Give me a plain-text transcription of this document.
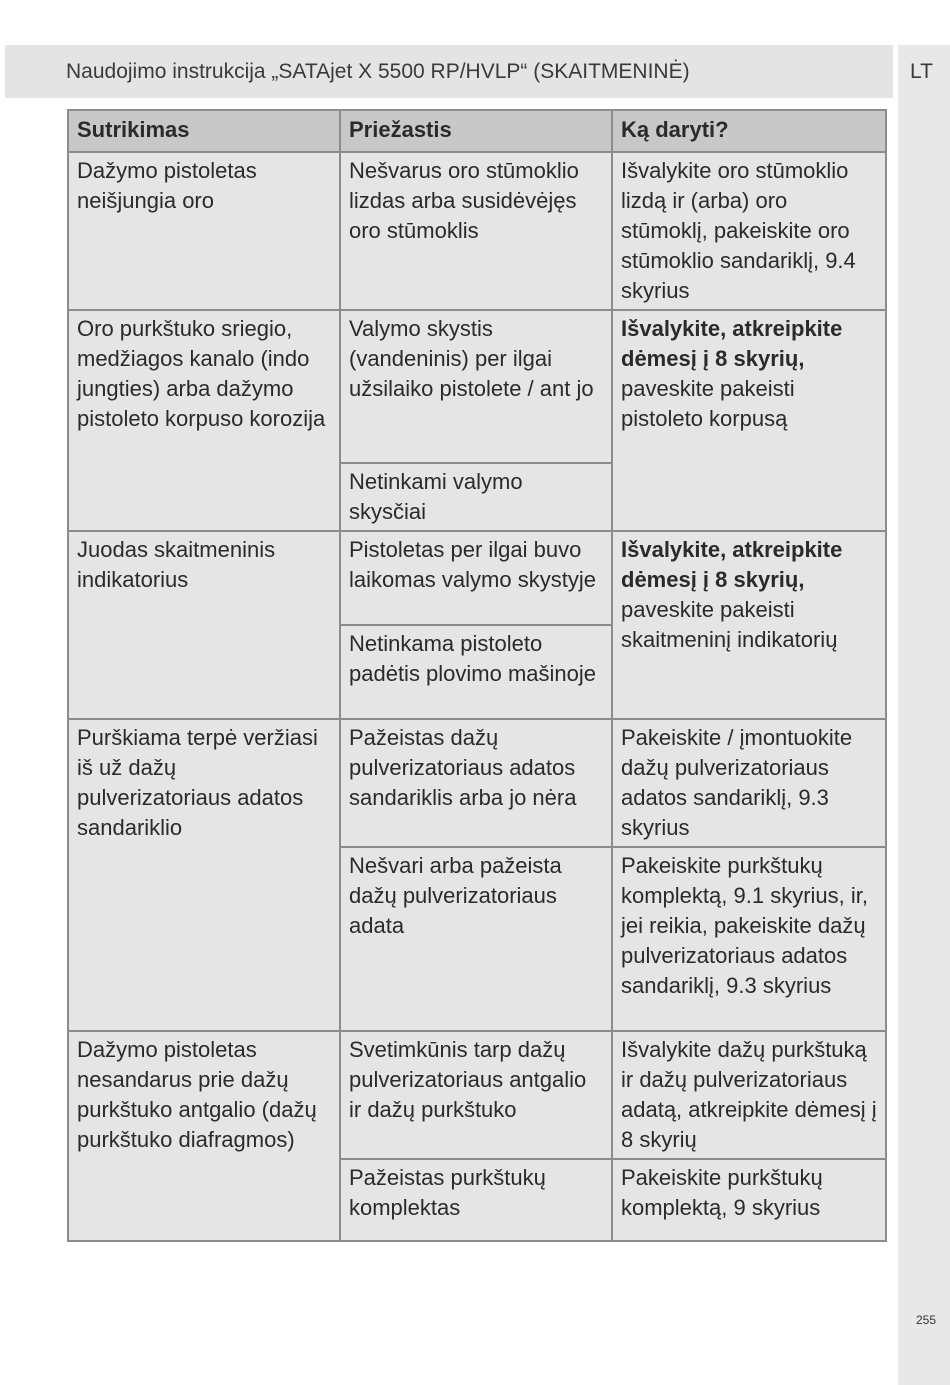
Naudojimo instrukcija „SATAjet X 5500 RP/HVLP“ (SKAITMENINĖ)	LT
Sutrikimas	Priežastis	Ką daryti?
Dažymo pistoletas neišjungia oro	Nešvarus oro stūmoklio lizdas arba susidėvėjęs oro stūmoklis	Išvalykite oro stūmoklio lizdą ir (arba) oro stūmoklį, pakeiskite oro stūmoklio sandariklį, 9.4 skyrius
Oro purkštuko sriegio, medžiagos kanalo (indo jungties) arba dažymo pistoleto korpuso korozija	Valymo skystis (vandeninis) per ilgai užsilaiko pistolete / ant jo	Išvalykite, atkreipkite dėmesį į 8 skyrių, paveskite pakeisti pistoleto korpusą
	Netinkami valymo skysčiai	
Juodas skaitmeninis indikatorius	Pistoletas per ilgai buvo laikomas valymo skystyje	Išvalykite, atkreipkite dėmesį į 8 skyrių, paveskite pakeisti skaitmeninį indikatorių
	Netinkama pistoleto padėtis plovimo mašinoje	
Purškiama terpė veržiasi iš už dažų pulverizatoriaus adatos sandariklio	Pažeistas dažų pulverizatoriaus adatos sandariklis arba jo nėra	Pakeiskite / įmontuokite dažų pulverizatoriaus adatos sandariklį, 9.3 skyrius
	Nešvari arba pažeista dažų pulverizatoriaus adata	Pakeiskite purkštukų komplektą, 9.1 skyrius, ir, jei reikia, pakeiskite dažų pulverizatoriaus adatos sandariklį, 9.3 skyrius
Dažymo pistoletas nesandarus prie dažų purkštuko antgalio (dažų purkštuko diafragmos)	Svetimkūnis tarp dažų pulverizatoriaus antgalio ir dažų purkštuko	Išvalykite dažų purkštuką ir dažų pulverizatoriaus adatą, atkreipkite dėmesį į 8 skyrių
	Pažeistas purkštukų komplektas	Pakeiskite purkštukų komplektą, 9 skyrius
255
